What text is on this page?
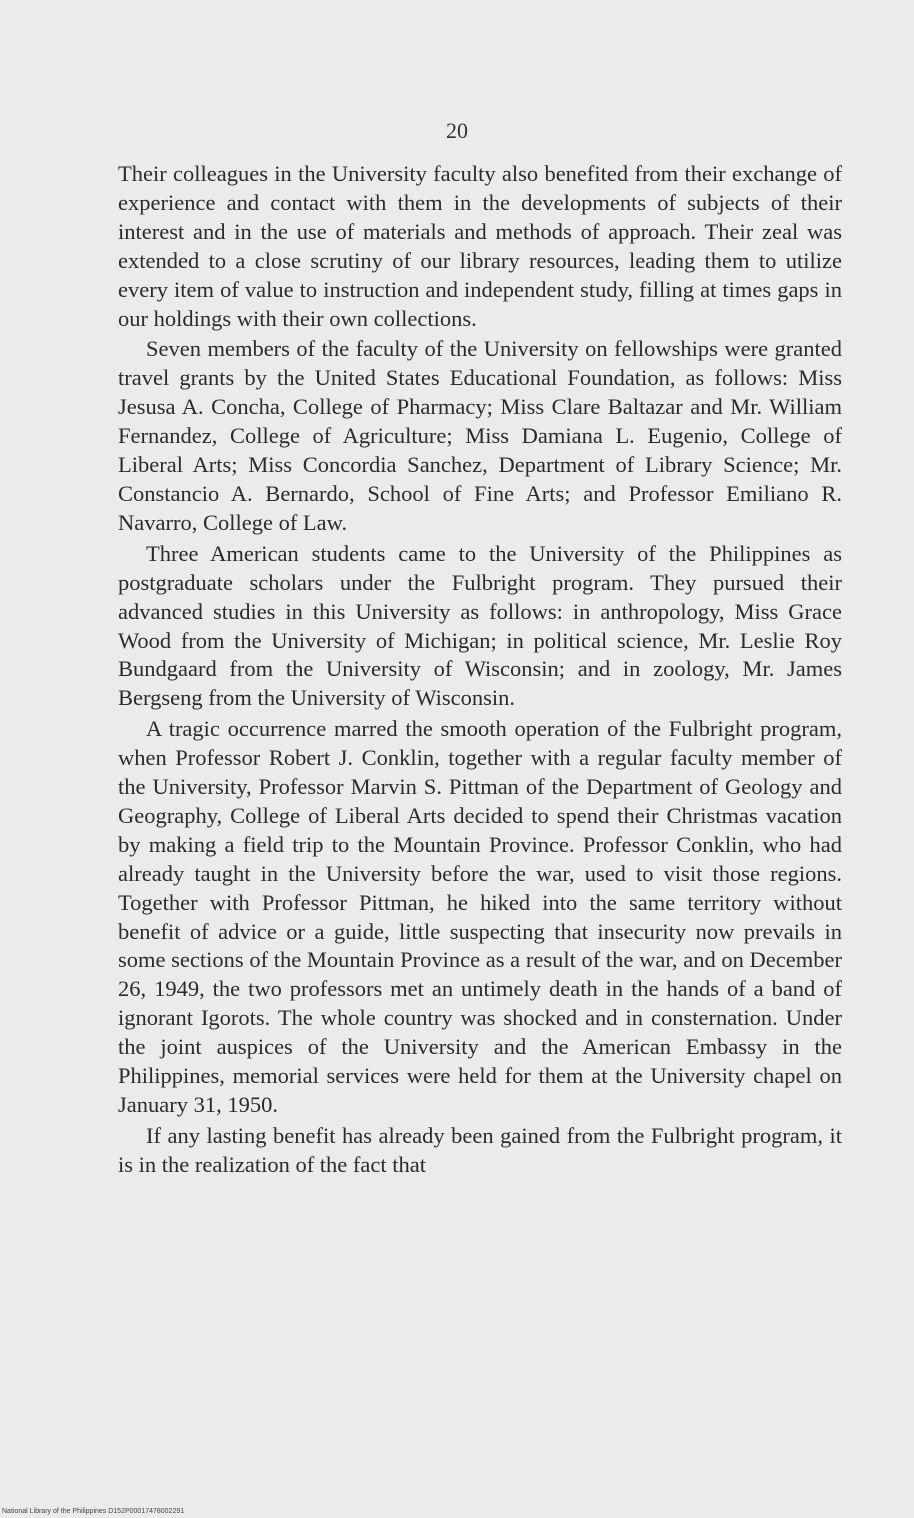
20

Their colleagues in the University faculty also benefited from their exchange of experience and contact with them in the developments of subjects of their interest and in the use of materials and methods of approach. Their zeal was extended to a close scrutiny of our library resources, leading them to utilize every item of value to instruction and independent study, filling at times gaps in our holdings with their own collections.

Seven members of the faculty of the University on fellowships were granted travel grants by the United States Educational Foundation, as follows: Miss Jesusa A. Concha, College of Pharmacy; Miss Clare Baltazar and Mr. William Fernandez, College of Agriculture; Miss Damiana L. Eugenio, College of Liberal Arts; Miss Concordia Sanchez, Department of Library Science; Mr. Constancio A. Bernardo, School of Fine Arts; and Professor Emiliano R. Navarro, College of Law.

Three American students came to the University of the Philippines as postgraduate scholars under the Fulbright program. They pursued their advanced studies in this University as follows: in anthropology, Miss Grace Wood from the University of Michigan; in political science, Mr. Leslie Roy Bundgaard from the University of Wisconsin; and in zoology, Mr. James Bergseng from the University of Wisconsin.

A tragic occurrence marred the smooth operation of the Fulbright program, when Professor Robert J. Conklin, together with a regular faculty member of the University, Professor Marvin S. Pittman of the Department of Geology and Geography, College of Liberal Arts decided to spend their Christmas vacation by making a field trip to the Mountain Province. Professor Conklin, who had already taught in the University before the war, used to visit those regions. Together with Professor Pittman, he hiked into the same territory without benefit of advice or a guide, little suspecting that insecurity now prevails in some sections of the Mountain Province as a result of the war, and on December 26, 1949, the two professors met an untimely death in the hands of a band of ignorant Igorots. The whole country was shocked and in consternation. Under the joint auspices of the University and the American Embassy in the Philippines, memorial services were held for them at the University chapel on January 31, 1950.

If any lasting benefit has already been gained from the Fulbright program, it is in the realization of the fact that

National Library of the Philippines D152P00017478002291
